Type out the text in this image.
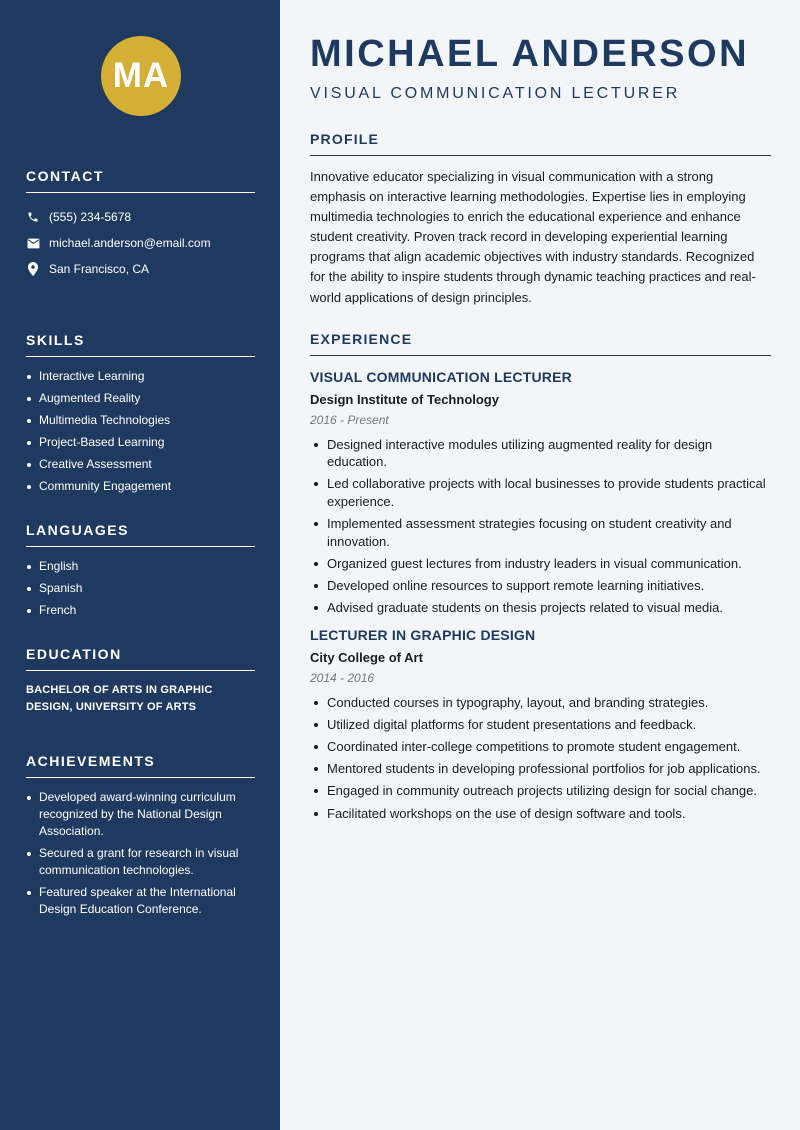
MA
CONTACT
(555) 234-5678
michael.anderson@email.com
San Francisco, CA
SKILLS
Interactive Learning
Augmented Reality
Multimedia Technologies
Project-Based Learning
Creative Assessment
Community Engagement
LANGUAGES
English
Spanish
French
EDUCATION

BACHELOR OF ARTS IN GRAPHIC DESIGN, UNIVERSITY OF ARTS

ACHIEVEMENTS
Developed award-winning curriculum recognized by the National Design Association.
Secured a grant for research in visual communication technologies.
Featured speaker at the International Design Education Conference.
MICHAEL ANDERSON
VISUAL COMMUNICATION LECTURER
PROFILE

Innovative educator specializing in visual communication with a strong emphasis on interactive learning methodologies. Expertise lies in employing multimedia technologies to enrich the educational experience and enhance student creativity. Proven track record in developing experiential learning programs that align academic objectives with industry standards. Recognized for the ability to inspire students through dynamic teaching practices and real-world applications of design principles.

EXPERIENCE
VISUAL COMMUNICATION LECTURER
Design Institute of Technology
2016 - Present
Designed interactive modules utilizing augmented reality for design education.
Led collaborative projects with local businesses to provide students practical experience.
Implemented assessment strategies focusing on student creativity and innovation.
Organized guest lectures from industry leaders in visual communication.
Developed online resources to support remote learning initiatives.
Advised graduate students on thesis projects related to visual media.
LECTURER IN GRAPHIC DESIGN
City College of Art
2014 - 2016
Conducted courses in typography, layout, and branding strategies.
Utilized digital platforms for student presentations and feedback.
Coordinated inter-college competitions to promote student engagement.
Mentored students in developing professional portfolios for job applications.
Engaged in community outreach projects utilizing design for social change.
Facilitated workshops on the use of design software and tools.
